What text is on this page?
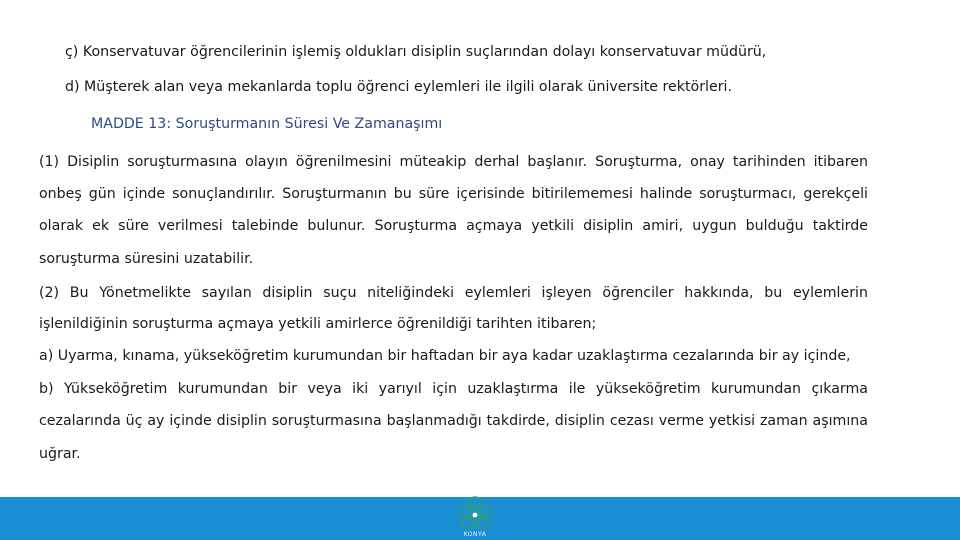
ç) Konservatuvar öğrencilerinin işlemiş oldukları disiplin suçlarından dolayı konservatuvar müdürü,
d) Müşterek alan veya mekanlarda toplu öğrenci eylemleri ile ilgili olarak üniversite rektörleri.
MADDE 13: Soruşturmanın Süresi Ve Zamanaşımı
(1) Disiplin soruşturmasına olayın öğrenilmesini müteakip derhal başlanır. Soruşturma, onay tarihinden itibaren
onbeş gün içinde sonuçlandırılır. Soruşturmanın bu süre içerisinde bitirilememesi halinde soruşturmacı, gerekçeli
olarak ek süre verilmesi talebinde bulunur. Soruşturma açmaya yetkili disiplin amiri, uygun bulduğu taktirde
soruşturma süresini uzatabilir.
(2) Bu Yönetmelikte sayılan disiplin suçu niteliğindeki eylemleri işleyen öğrenciler hakkında, bu eylemlerin
işlenildiğinin soruşturma açmaya yetkili amirlerce öğrenildiği tarihten itibaren;
a) Uyarma, kınama, yükseköğretim kurumundan bir haftadan bir aya kadar uzaklaştırma cezalarında bir ay içinde,
b) Yükseköğretim kurumundan bir veya iki yarıyıl için uzaklaştırma ile yükseköğretim kurumundan çıkarma
cezalarında üç ay içinde disiplin soruşturmasına başlanmadığı takdirde, disiplin cezası verme yetkisi zaman aşımına
uğrar.
KONYA
